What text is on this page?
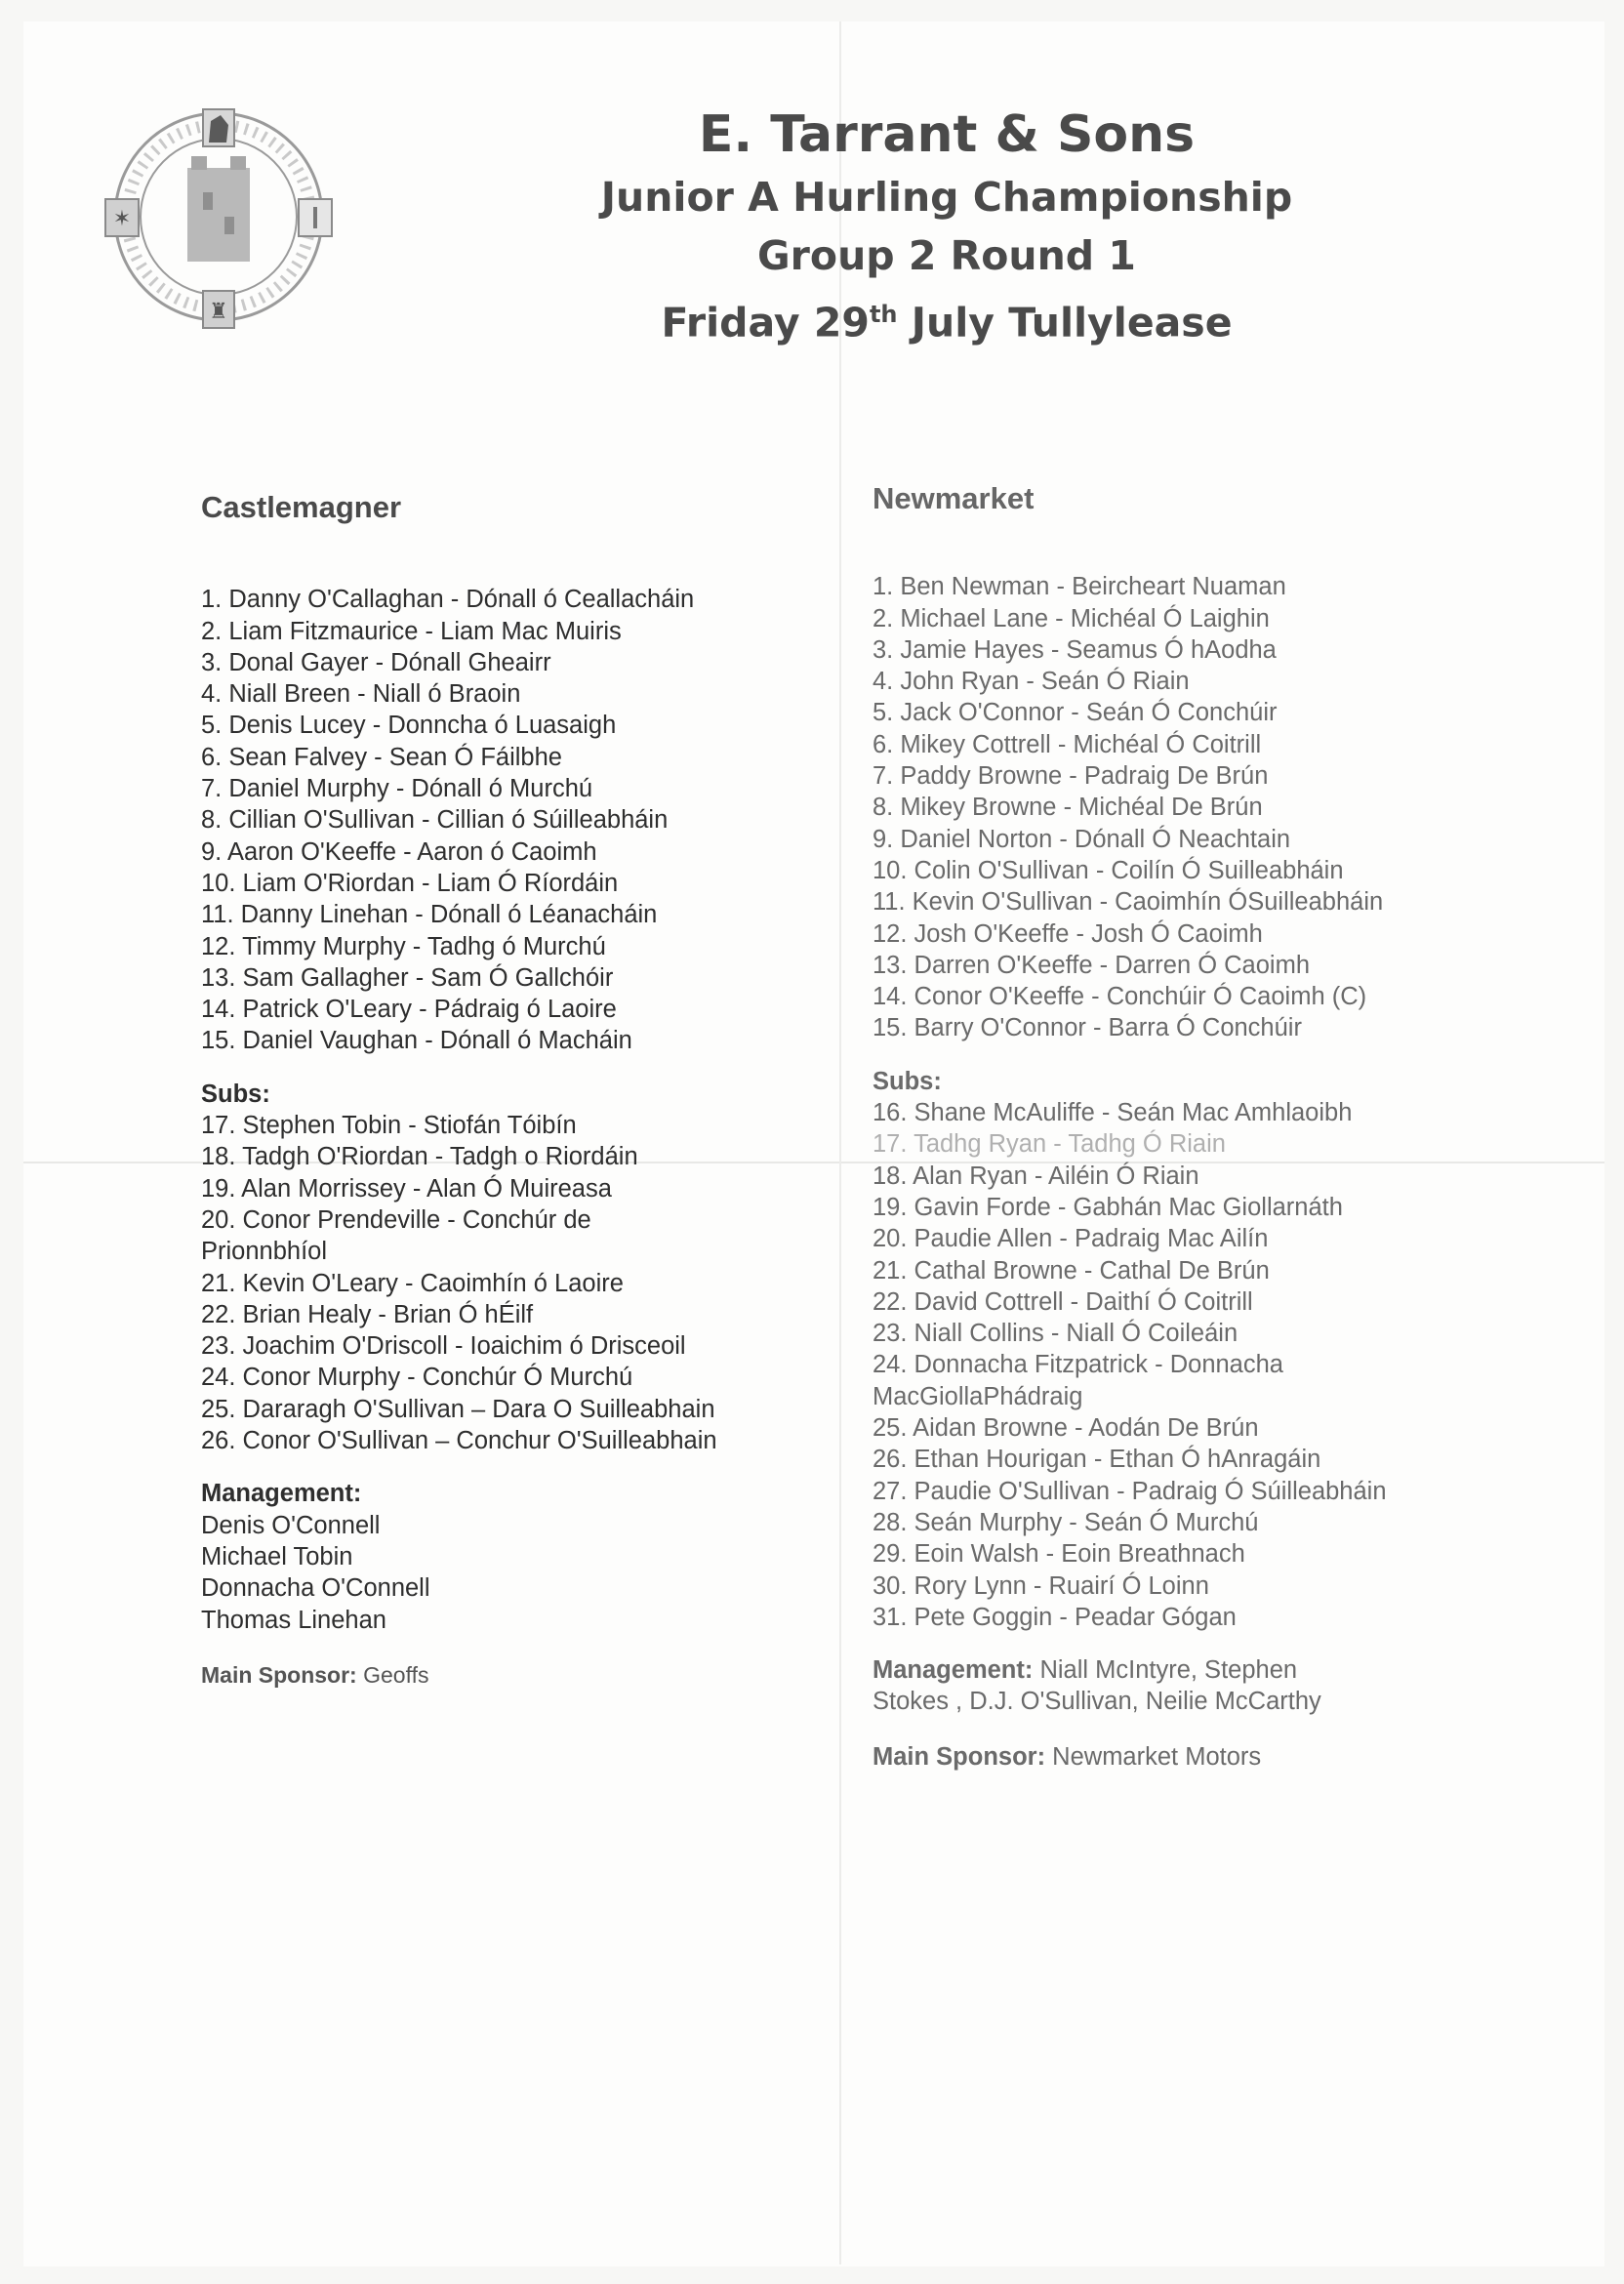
✶
♜
E. Tarrant & Sons
Junior A Hurling Championship
Group 2 Round 1
Friday 29th July Tullylease
Castlemagner
1. Danny O'Callaghan - Dónall ó Ceallacháin
2. Liam Fitzmaurice - Liam Mac Muiris
3. Donal Gayer - Dónall Gheairr
4. Niall Breen - Niall ó Braoin
5. Denis Lucey - Donncha ó Luasaigh
6. Sean Falvey - Sean Ó Fáilbhe
7. Daniel Murphy - Dónall ó Murchú
8. Cillian O'Sullivan - Cillian ó Súilleabháin
9. Aaron O'Keeffe - Aaron ó Caoimh
10. Liam O'Riordan - Liam Ó Ríordáin
11. Danny Linehan - Dónall ó Léanacháin
12. Timmy Murphy - Tadhg ó Murchú
13. Sam Gallagher - Sam Ó Gallchóir
14. Patrick O'Leary - Pádraig ó Laoire
15. Daniel Vaughan - Dónall ó Macháin
Subs:
17. Stephen Tobin - Stiofán Tóibín
18. Tadgh O'Riordan - Tadgh o Riordáin
19. Alan Morrissey - Alan Ó Muireasa
20. Conor Prendeville - Conchúr de Prionnbhíol
21. Kevin O'Leary - Caoimhín ó Laoire
22. Brian Healy - Brian Ó hÉilf
23. Joachim O'Driscoll - Ioaichim ó Drisceoil
24. Conor Murphy - Conchúr Ó Murchú
25. Dararagh O'Sullivan – Dara O Suilleabhain
26. Conor O'Sullivan – Conchur O'Suilleabhain
Management:
Denis O'Connell
Michael Tobin
Donnacha O'Connell
Thomas Linehan
Main Sponsor: Geoffs
Newmarket
1. Ben Newman - Beircheart Nuaman
2. Michael Lane - Michéal Ó Laighin
3. Jamie Hayes - Seamus Ó hAodha
4. John Ryan - Seán Ó Riain
5. Jack O'Connor - Seán Ó Conchúir
6. Mikey Cottrell - Michéal Ó Coitrill
7. Paddy Browne - Padraig De Brún
8. Mikey Browne - Michéal De Brún
9. Daniel Norton - Dónall Ó Neachtain
10. Colin O'Sullivan - Coilín Ó Suilleabháin
11. Kevin O'Sullivan - Caoimhín ÓSuilleabháin
12. Josh O'Keeffe - Josh Ó Caoimh
13. Darren O'Keeffe - Darren Ó Caoimh
14. Conor O'Keeffe - Conchúir Ó Caoimh (C)
15. Barry O'Connor - Barra Ó Conchúir
Subs:
16. Shane McAuliffe - Seán Mac Amhlaoibh
17. Tadhg Ryan - Tadhg Ó Riain
18. Alan Ryan - Ailéin Ó Riain
19. Gavin Forde - Gabhán Mac Giollarnáth
20. Paudie Allen - Padraig Mac Ailín
21. Cathal Browne - Cathal De Brún
22. David Cottrell - Daithí Ó Coitrill
23. Niall Collins - Niall Ó Coileáin
24. Donnacha Fitzpatrick - Donnacha MacGiollaPhádraig
25. Aidan Browne - Aodán De Brún
26. Ethan Hourigan - Ethan Ó hAnragáin
27. Paudie O'Sullivan - Padraig Ó Súilleabháin
28. Seán Murphy - Seán Ó Murchú
29. Eoin Walsh - Eoin Breathnach
30. Rory Lynn - Ruairí Ó Loinn
31. Pete Goggin - Peadar Gógan
Management: Niall McIntyre, Stephen Stokes , D.J. O'Sullivan, Neilie McCarthy
Main Sponsor: Newmarket Motors
